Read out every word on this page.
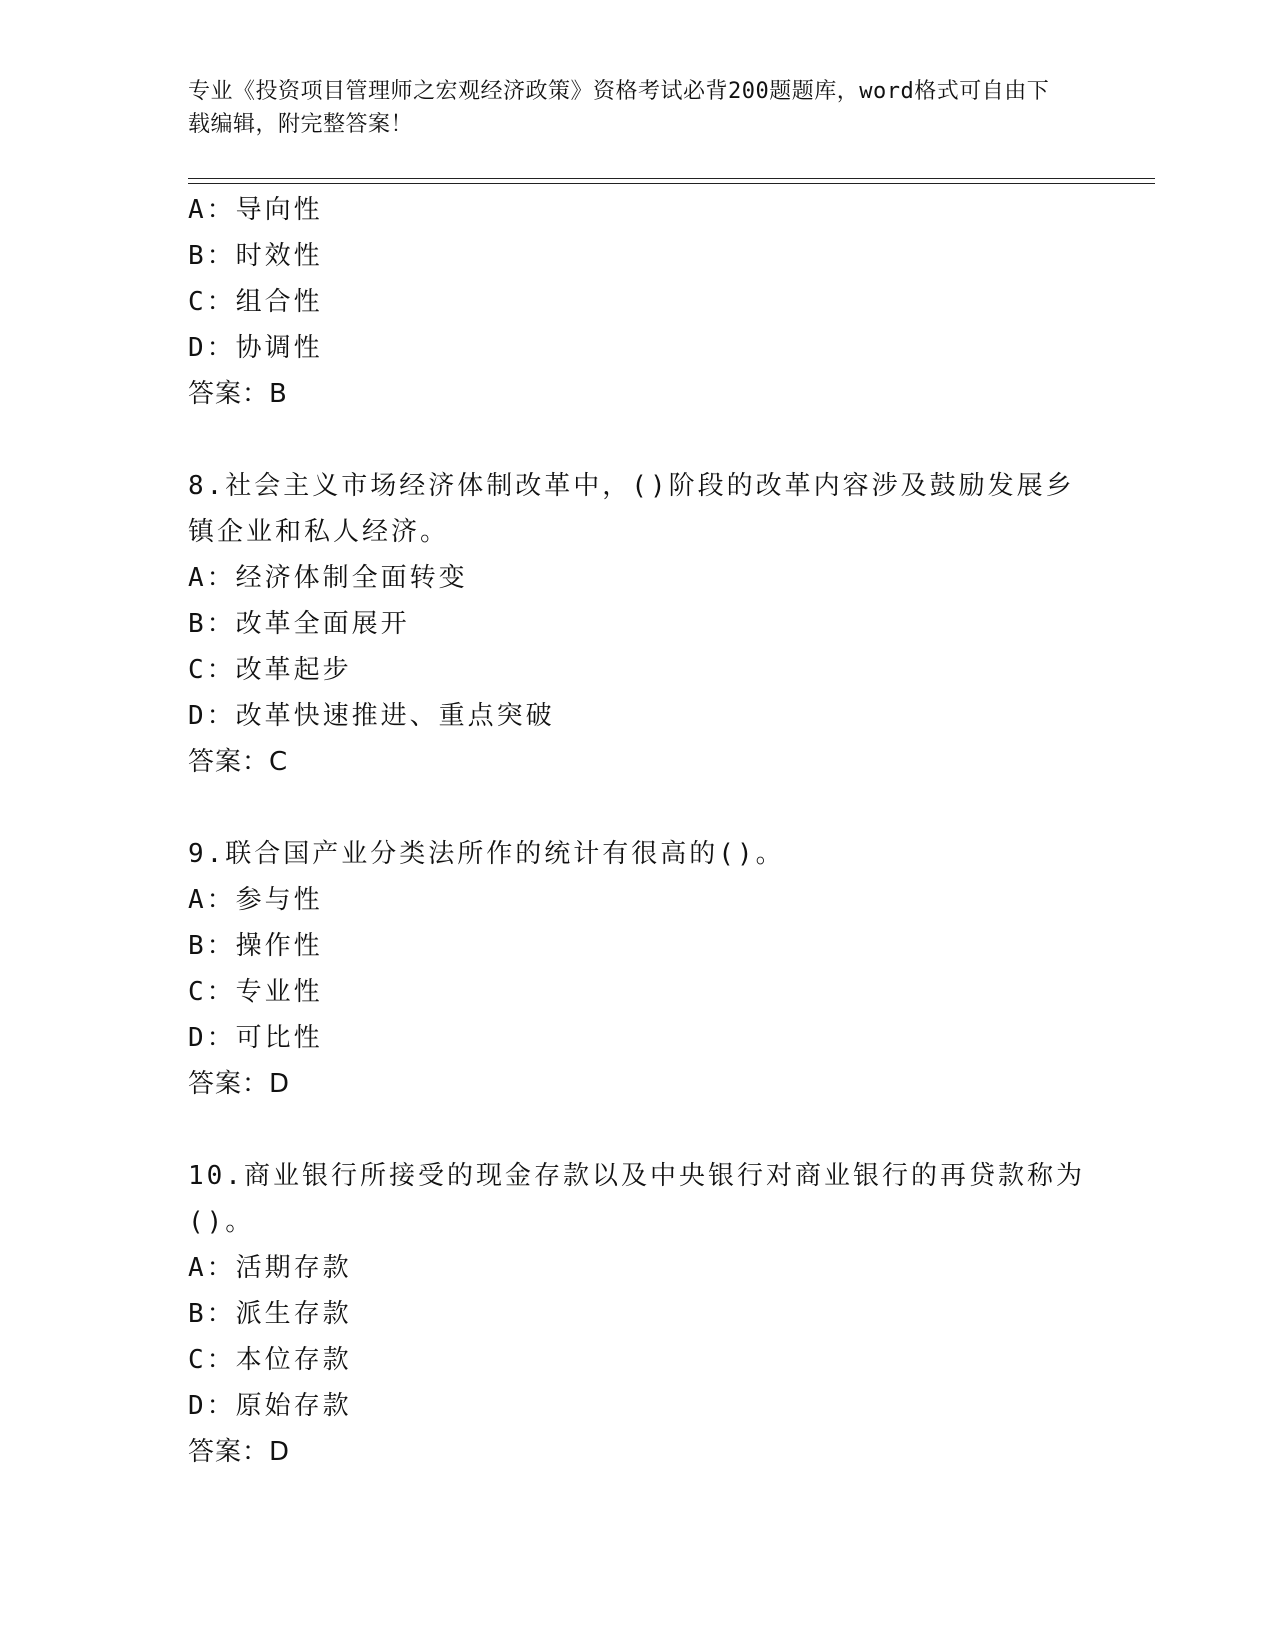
专业《投资项目管理师之宏观经济政策》资格考试必背200题题库，word格式可自由下载编辑，附完整答案！
A：导向性
B：时效性
C：组合性
D：协调性
答案：B
8.社会主义市场经济体制改革中，()阶段的改革内容涉及鼓励发展乡
镇企业和私人经济。
A：经济体制全面转变
B：改革全面展开
C：改革起步
D：改革快速推进、重点突破
答案：C
9.联合国产业分类法所作的统计有很高的()。
A：参与性
B：操作性
C：专业性
D：可比性
答案：D
10.商业银行所接受的现金存款以及中央银行对商业银行的再贷款称为
()。
A：活期存款
B：派生存款
C：本位存款
D：原始存款
答案：D
